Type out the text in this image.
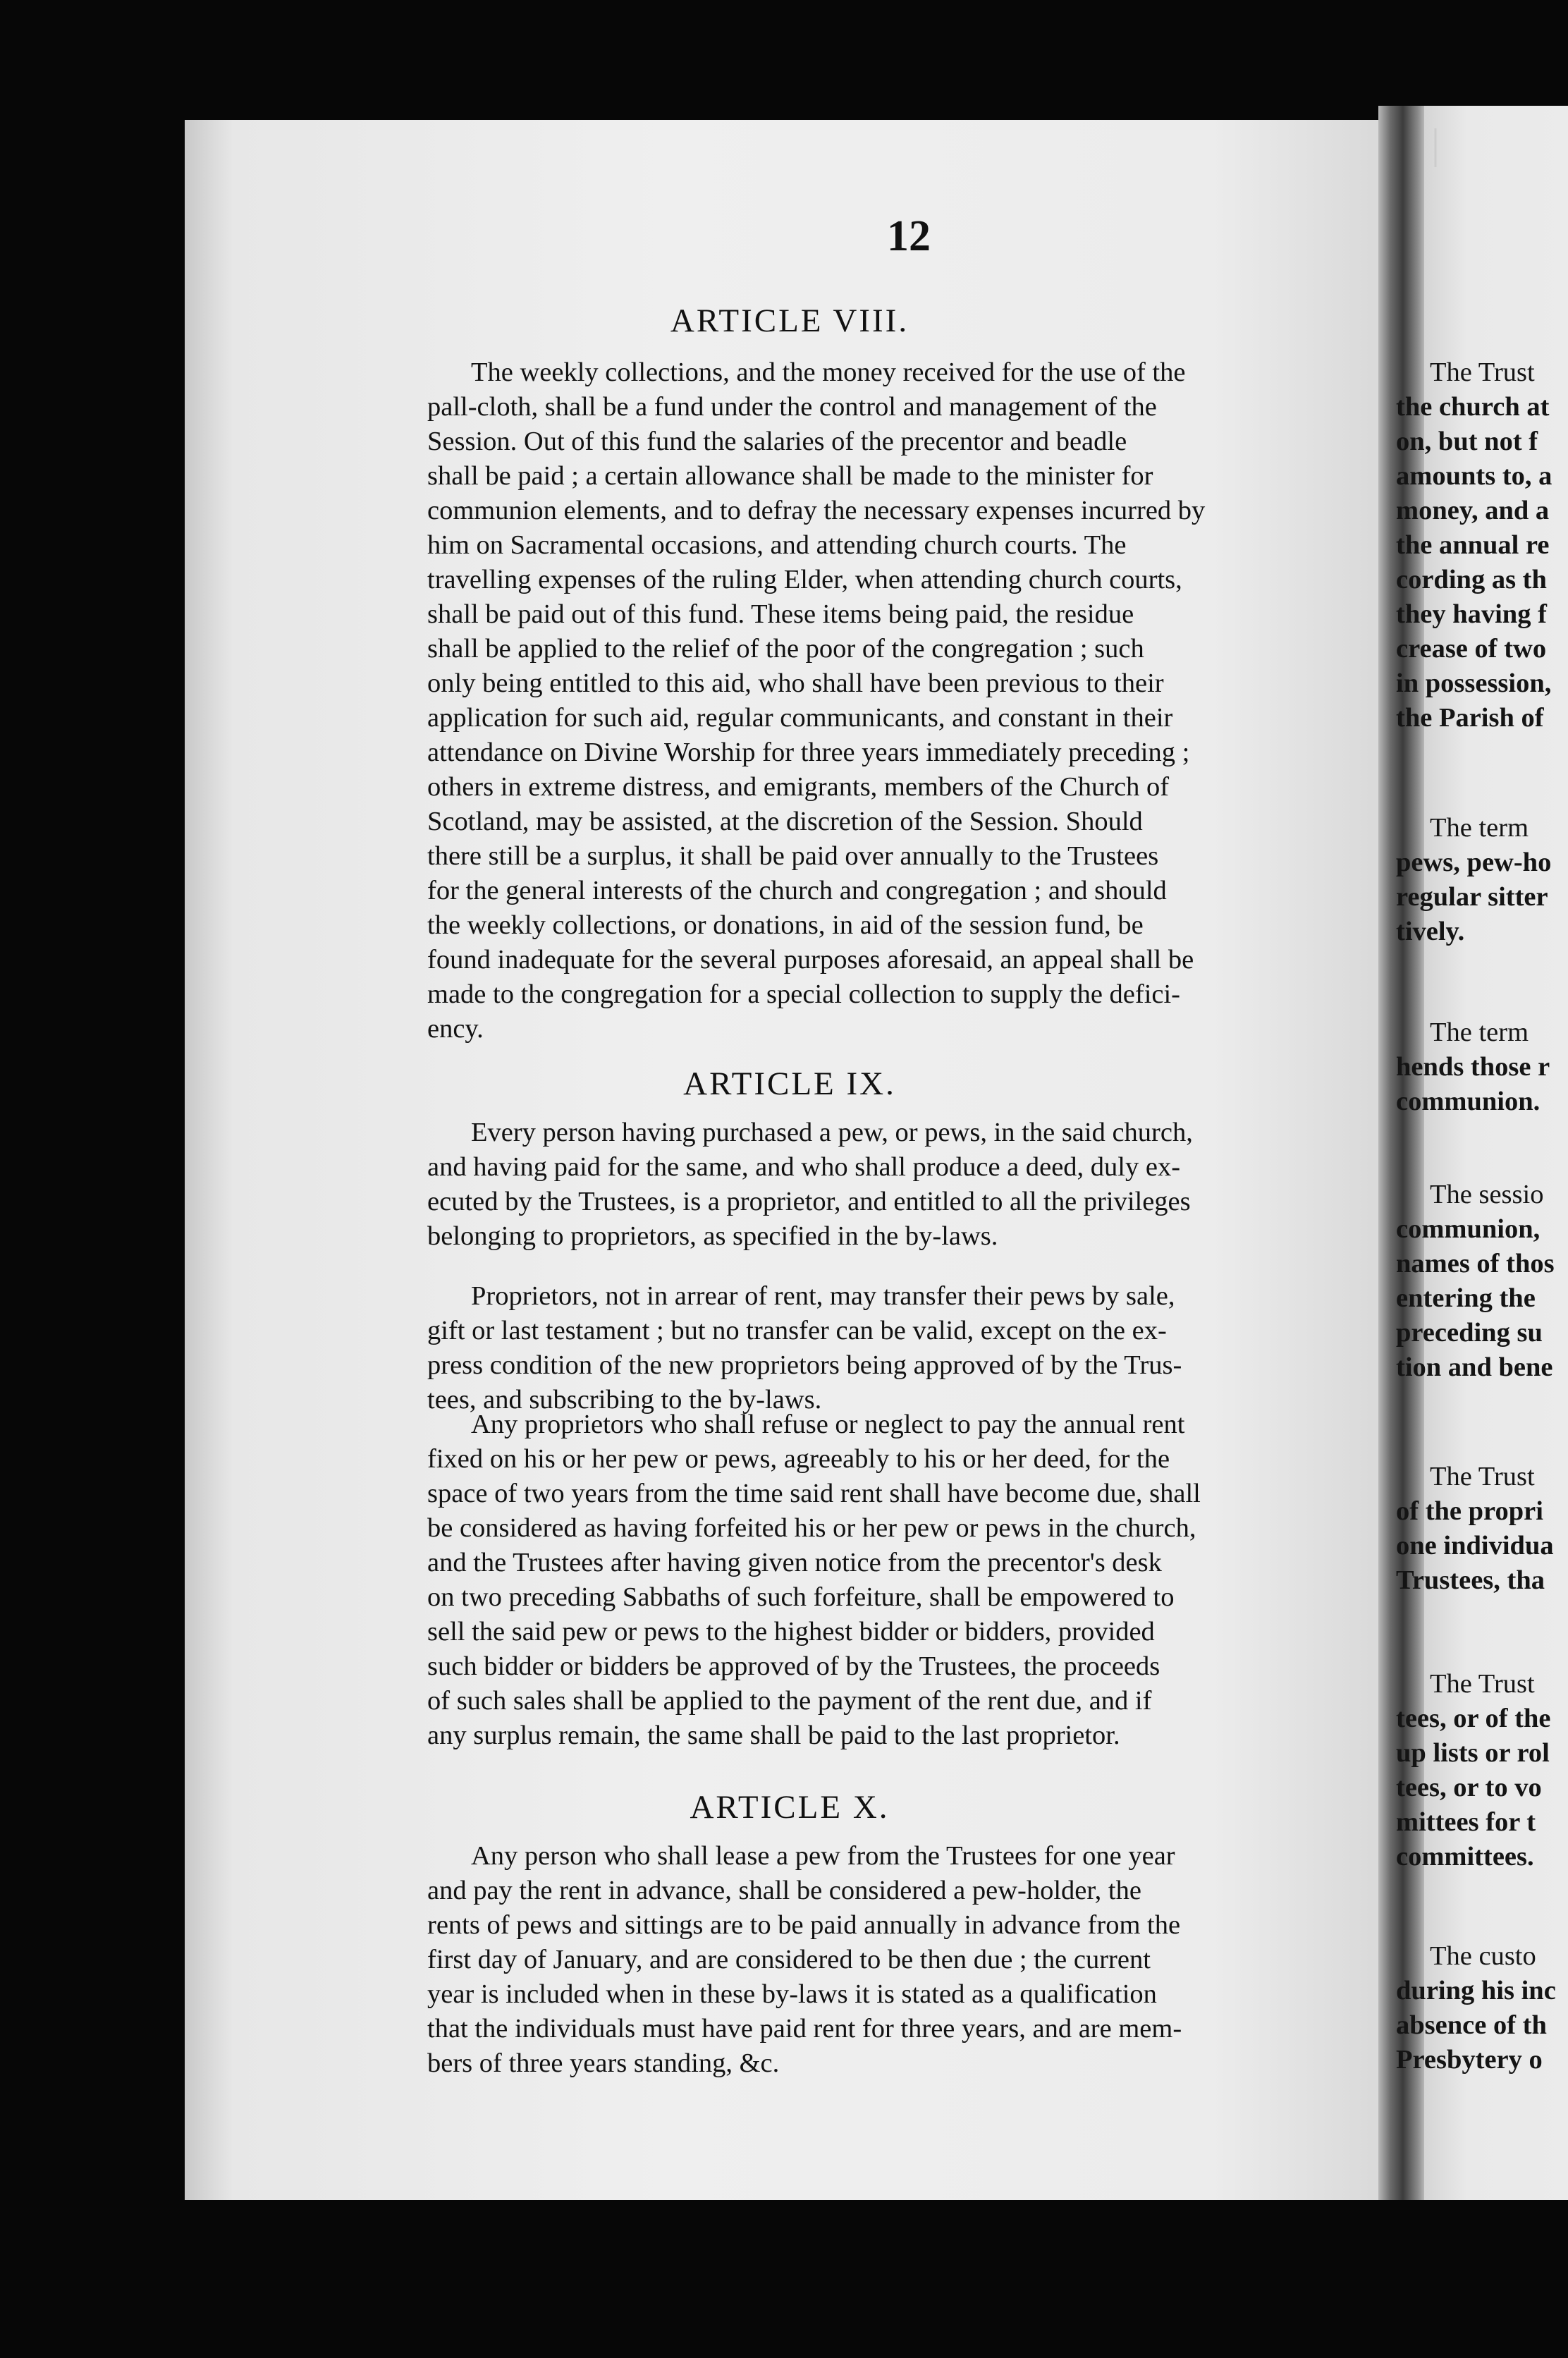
12
ARTICLE VIII.
The weekly collections, and the money received for the use of the
pall-cloth, shall be a fund under the control and management of the
Session. Out of this fund the salaries of the precentor and beadle
shall be paid ; a certain allowance shall be made to the minister for
communion elements, and to defray the necessary expenses incurred by
him on Sacramental occasions, and attending church courts. The
travelling expenses of the ruling Elder, when attending church courts,
shall be paid out of this fund. These items being paid, the residue
shall be applied to the relief of the poor of the congregation ; such
only being entitled to this aid, who shall have been previous to their
application for such aid, regular communicants, and constant in their
attendance on Divine Worship for three years immediately preceding ;
others in extreme distress, and emigrants, members of the Church of
Scotland, may be assisted, at the discretion of the Session. Should
there still be a surplus, it shall be paid over annually to the Trustees
for the general interests of the church and congregation ; and should
the weekly collections, or donations, in aid of the session fund, be
found inadequate for the several purposes aforesaid, an appeal shall be
made to the congregation for a special collection to supply the defici-
ency.
ARTICLE IX.
Every person having purchased a pew, or pews, in the said church,
and having paid for the same, and who shall produce a deed, duly ex-
ecuted by the Trustees, is a proprietor, and entitled to all the privileges
belonging to proprietors, as specified in the by-laws.
Proprietors, not in arrear of rent, may transfer their pews by sale,
gift or last testament ; but no transfer can be valid, except on the ex-
press condition of the new proprietors being approved of by the Trus-
tees, and subscribing to the by-laws.
Any proprietors who shall refuse or neglect to pay the annual rent
fixed on his or her pew or pews, agreeably to his or her deed, for the
space of two years from the time said rent shall have become due, shall
be considered as having forfeited his or her pew or pews in the church,
and the Trustees after having given notice from the precentor's desk
on two preceding Sabbaths of such forfeiture, shall be empowered to
sell the said pew or pews to the highest bidder or bidders, provided
such bidder or bidders be approved of by the Trustees, the proceeds
of such sales shall be applied to the payment of the rent due, and if
any surplus remain, the same shall be paid to the last proprietor.
ARTICLE X.
Any person who shall lease a pew from the Trustees for one year
and pay the rent in advance, shall be considered a pew-holder, the
rents of pews and sittings are to be paid annually in advance from the
first day of January, and are considered to be then due ; the current
year is included when in these by-laws it is stated as a qualification
that the individuals must have paid rent for three years, and are mem-
bers of three years standing, &c.
The Trust
the church at
on, but not f
amounts to, a
money, and a
the annual re
cording as th
they having f
crease of two
in possession,
the Parish of
The term
pews, pew-ho
regular sitter
tively.
The term
hends those r
communion.
The sessio
communion,
names of thos
entering the
preceding su
tion and bene
The Trust
of the propri
one individua
Trustees, tha
The Trust
tees, or of the
up lists or rol
tees, or to vo
mittees for t
committees.
The custo
during his inc
absence of th
Presbytery o
|
